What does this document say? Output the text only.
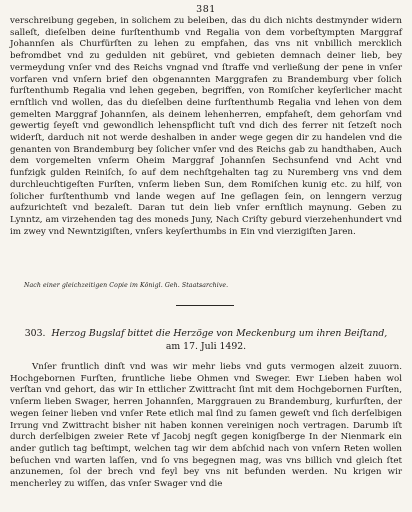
381

verschreibung gegeben, in solichem zu beleiben, das du dich nichts destmynder widern salleſt, dieſelben deine furſtenthumb vnd Regalia von dem vorbeſtympten Marggraf Johannſen als Churfürſten zu lehen zu empfahen, das vns nit vnbillich mercklich befromdbet vnd zu gedulden nit gebüret, vnd gebieten demnach deiner lieb, bey vermeydung vnſer vnd des Reichs vngnad vnd ſtraffe vnd verließung der pene in vnſer vorfaren vnd vnſern brief den obgenannten Marggrafen zu Brandemburg vber ſolich furſtenthumb Regalia vnd lehen gegeben, begriffen, von Romiſcher keyſerlicher macht ernſtlich vnd wollen, das du dieſelben deine furſtenthumb Regalia vnd lehen von dem gemelten Marggraf Johannſen, als deinem lehenherren, empfaheſt, dem gehorſam vnd gewertig ſeyeſt vnd gewondlich lehenspflicht tuſt vnd dich des ferrer nit ſetzeſt noch widerſt, darduch nit not werde deshalben in ander wege gegen dir zu handelen vnd die genanten von Brandemburg bey ſolicher vnſer vnd des Reichs gab zu handthaben, Auch dem vorgemelten vnſerm Oheim Marggraf Johannſen Sechsunfend vnd Acht vnd funfzigk gulden Reiniſch, ſo auf dem nechſtgehalten tag zu Nuremberg vns vnd dem durchleuchtigeſten Furſten, vnſerm lieben Sun, dem Romiſchen kunig etc. zu hilf, von ſolicher furſtenthumb vnd lande wegen auf Ine geſlagen ſein, on lenngern verzug aufzurichteſt vnd bezaleſt. Daran tut dein lieb vnſer ernſtlich maynung. Geben zu Lynntz, am virzehenden tag des moneds Juny, Nach Criſty geburd vierzehenhundert vnd im zwey vnd Newntzigiſten, vnſers keyſerthumbs in Ein vnd vierzigiſten Jaren.

Nach einer gleichzeitigen Copie im Königl. Geh. Staatsarchive.
303. Herzog Bugslaf bittet die Herzöge von Meckenburg um ihren Beiſtand,
am 17. Juli 1492.

Vnſer fruntlich dinſt vnd was wir mehr liebs vnd guts vermogen alzeit zuuorn. Hochgebornen Furſten, fruntliche liebe Ohmen vnd Sweger. Ewr Lieben haben wol verſtan vnd gehort, das wir In ettlicher Zwittracht ſint mit dem Hochgebornen Furſten, vnſerm lieben Swager, herren Johannſen, Marggrauen zu Brandemburg, kurfurſten, der wegen ſeiner lieben vnd vnſer Rete etlich mal ſind zu ſamen geweſt vnd ſich derſelbigen Irrung vnd Zwittracht bisher nit haben konnen vereinigen noch vertragen. Darumb iſt durch derſelbigen zweier Rete vf Jacobj negſt gegen konigſberge In der Nienmark ein ander gutlich tag beſtimpt, welchen tag wir dem abſchid nach von vnſern Reten wollen beſuchen vnd warten laſſen, vnd ſo vns begegnen mag, was vns billich vnd gleich ſtet anzunemen, ſol der brech vnd feyl bey vns nit befunden werden. Nu krigen wir mencherley zu wiſſen, das vnſer Swager vnd die
